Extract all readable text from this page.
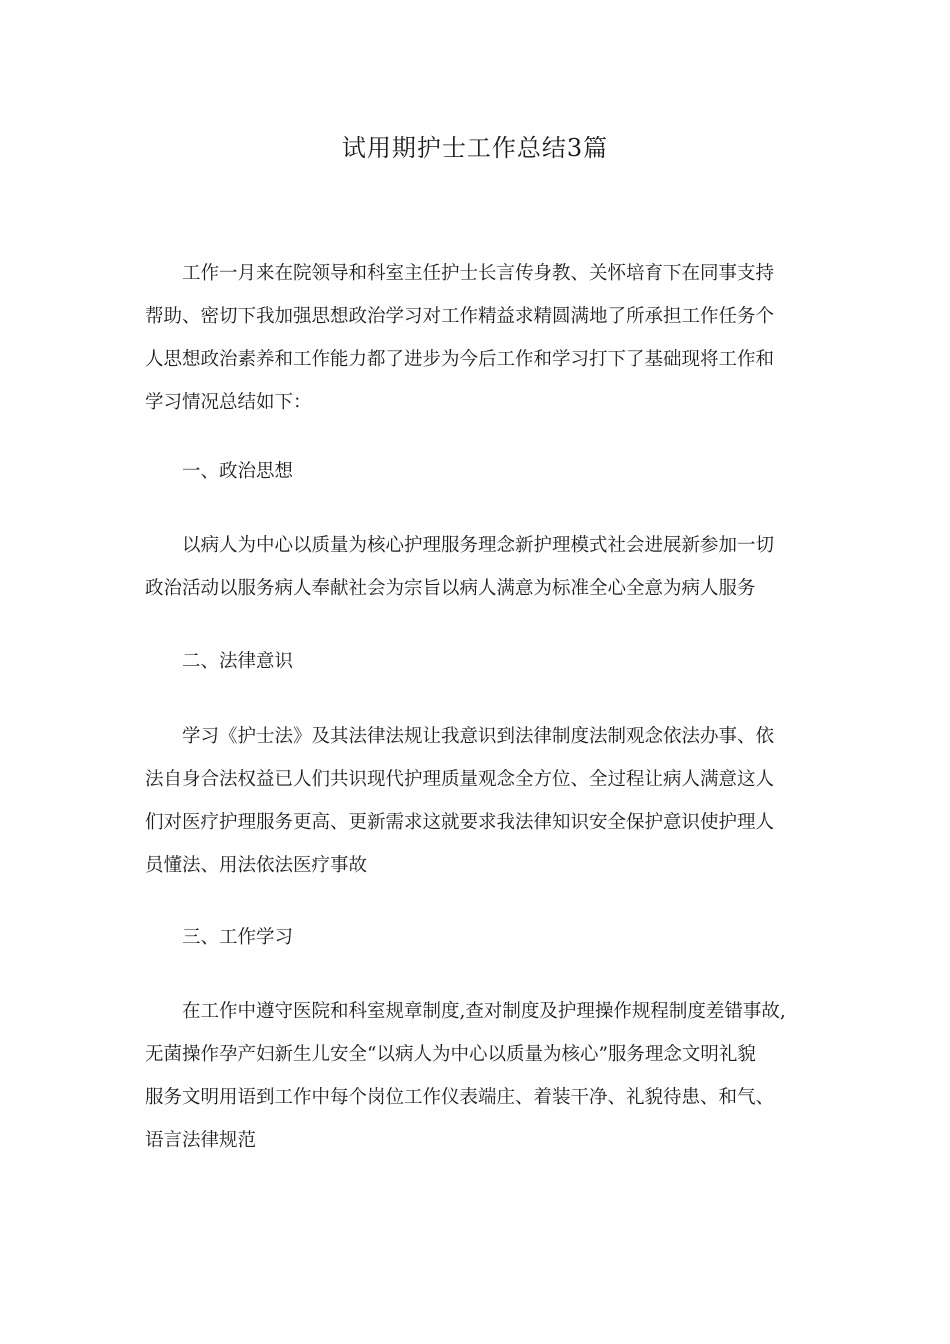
试用期护士工作总结3篇
工作一月来在院领导和科室主任护士长言传身教、关怀培育下在同事支持
帮助、密切下我加强思想政治学习对工作精益求精圆满地了所承担工作任务个
人思想政治素养和工作能力都了进步为今后工作和学习打下了基础现将工作和
学习情况总结如下：
一、政治思想
以病人为中心以质量为核心护理服务理念新护理模式社会进展新参加一切
政治活动以服务病人奉献社会为宗旨以病人满意为标准全心全意为病人服务
二、法律意识
学习《护士法》及其法律法规让我意识到法律制度法制观念依法办事、依
法自身合法权益已人们共识现代护理质量观念全方位、全过程让病人满意这人
们对医疗护理服务更高、更新需求这就要求我法律知识安全保护意识使护理人
员懂法、用法依法医疗事故
三、工作学习
在工作中遵守医院和科室规章制度,查对制度及护理操作规程制度差错事故,
无菌操作孕产妇新生儿安全“以病人为中心以质量为核心”服务理念文明礼貌
服务文明用语到工作中每个岗位工作仪表端庄、着装干净、礼貌待患、和气、
语言法律规范
